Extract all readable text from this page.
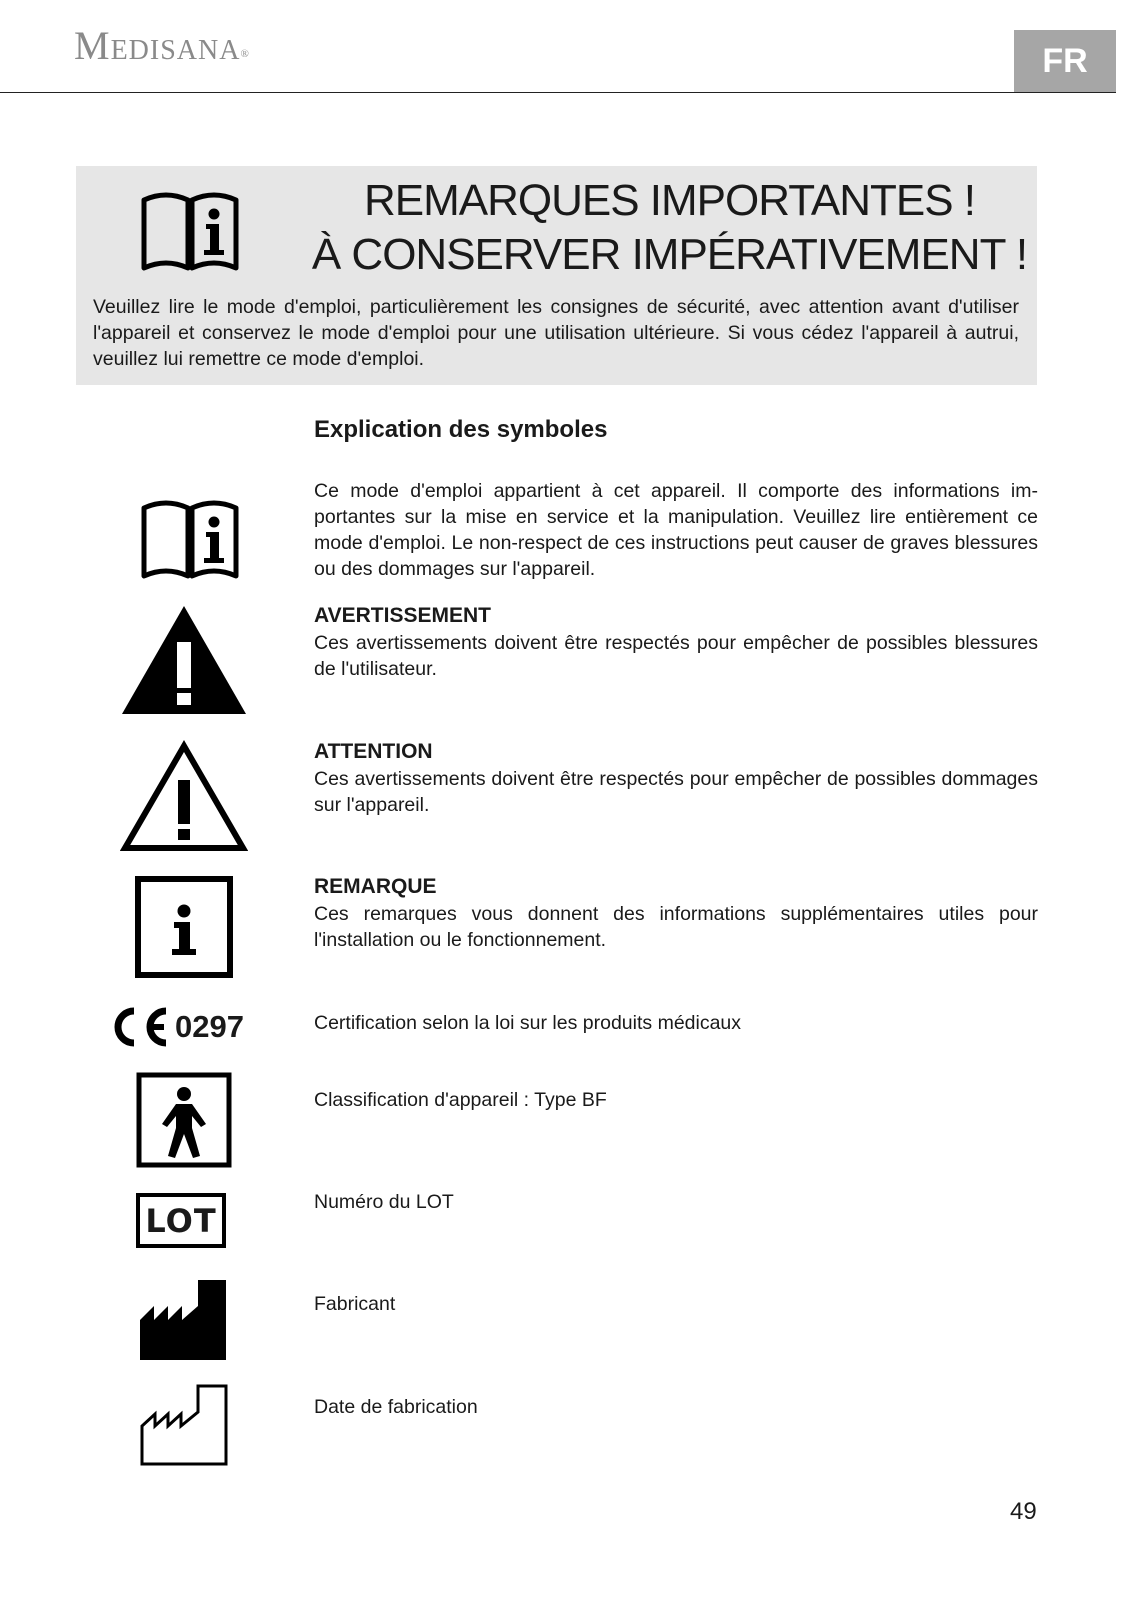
Medisana®	FR
REMARQUES IMPORTANTES !
À CONSERVER IMPÉRATIVEMENT !
Veuillez lire le mode d'emploi, particulièrement les consignes de sécurité, avec attention avant d'utiliser l'appareil et conservez le mode d'emploi pour une utilisation ultérieure. Si vous cédez l'appareil à autrui, veuillez lui remettre ce mode d'emploi.
Explication des symboles

Ce mode d'emploi appartient à cet appareil. Il comporte des informations im-portantes sur la mise en service et la manipulation. Veuillez lire entièrement ce mode d'emploi. Le non-respect de ces instructions peut causer de graves blessures ou des dommages sur l'appareil.

AVERTISSEMENT

Ces avertissements doivent être respectés pour empêcher de possibles blessures de l'utilisateur.

ATTENTION

Ces avertissements doivent être respectés pour empêcher de possibles dommages sur l'appareil.

REMARQUE

Ces remarques vous donnent des informations supplémentaires utiles pour l'installation ou le fonctionnement.

0297	Certification selon la loi sur les produits médicaux

Classification d'appareil : Type BF

LOT	Numéro du LOT

Fabricant

Date de fabrication

49
